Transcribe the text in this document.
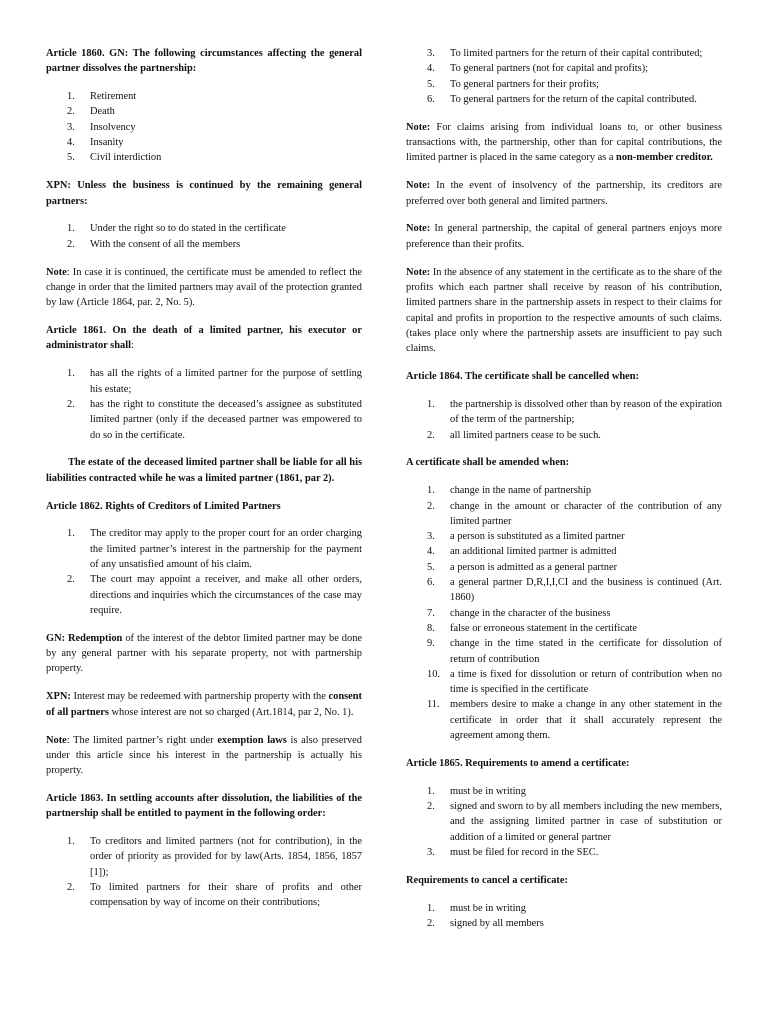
Article 1860. GN: The following circumstances affecting the general partner dissolves the partnership:

1. Retirement
2. Death
3. Insolvency
4. Insanity
5. Civil interdiction

XPN: Unless the business is continued by the remaining general partners:

1. Under the right so to do stated in the certificate
2. With the consent of all the members

Note: In case it is continued, the certificate must be amended to reflect the change in order that the limited partners may avail of the protection granted by law (Article 1864, par. 2, No. 5).

Article 1861. On the death of a limited partner, his executor or administrator shall:

1. has all the rights of a limited partner for the purpose of settling his estate;
2. has the right to constitute the deceased’s assignee as substituted limited partner (only if the deceased partner was empowered to do so in the certificate.

The estate of the deceased limited partner shall be liable for all his liabilities contracted while he was a limited partner (1861, par 2).

Article 1862. Rights of Creditors of Limited Partners

1. The creditor may apply to the proper court for an order charging the limited partner’s interest in the partnership for the payment of any unsatisfied amount of his claim.
2. The court may appoint a receiver, and make all other orders, directions and inquiries which the circumstances of the case may require.

GN: Redemption of the interest of the debtor limited partner may be done by any general partner with his separate property, not with partnership property.

XPN: Interest may be redeemed with partnership property with the consent of all partners whose interest are not so charged (Art.1814, par 2, No. 1).

Note: The limited partner’s right under exemption laws is also preserved under this article since his interest in the partnership is actually his property.

Article 1863. In settling accounts after dissolution, the liabilities of the partnership shall be entitled to payment in the following order:

1. To creditors and limited partners (not for contribution), in the order of priority as provided for by law(Arts. 1854, 1856, 1857 [1]);
2. To limited partners for their share of profits and other compensation by way of income on their contributions;
3. To limited partners for the return of their capital contributed;
4. To general partners (not for capital and profits);
5. To general partners for their profits;
6. To general partners for the return of the capital contributed.

Note: For claims arising from individual loans to, or other business transactions with, the partnership, other than for capital contributions, the limited partner is placed in the same category as a non-member creditor.

Note: In the event of insolvency of the partnership, its creditors are preferred over both general and limited partners.

Note: In general partnership, the capital of general partners enjoys more preference than their profits.

Note: In the absence of any statement in the certificate as to the share of the profits which each partner shall receive by reason of his contribution, limited partners share in the partnership assets in respect to their claims for capital and profits in proportion to the respective amounts of such claims. (takes place only where the partnership assets are insufficient to pay such claims.

Article 1864. The certificate shall be cancelled when:

1. the partnership is dissolved other than by reason of the expiration of the term of the partnership;
2. all limited partners cease to be such.

A certificate shall be amended when:

1. change in the name of partnership
2. change in the amount or character of the contribution of any limited partner
3. a person is substituted as a limited partner
4. an additional limited partner is admitted
5. a person is admitted as a general partner
6. a general partner D,R,I,I,CI and the business is continued (Art. 1860)
7. change in the character of the business
8. false or erroneous statement in the certificate
9. change in the time stated in the certificate for dissolution of return of contribution
10. a time is fixed for dissolution or return of contribution when no time is specified in the certificate
11. members desire to make a change in any other statement in the certificate in order that it shall accurately represent the agreement among them.

Article 1865. Requirements to amend a certificate:

1. must be in writing
2. signed and sworn to by all members including the new members, and the assigning limited partner in case of substitution or addition of a limited or general partner
3. must be filed for record in the SEC.

Requirements to cancel a certificate:

1. must be in writing
2. signed by all members
